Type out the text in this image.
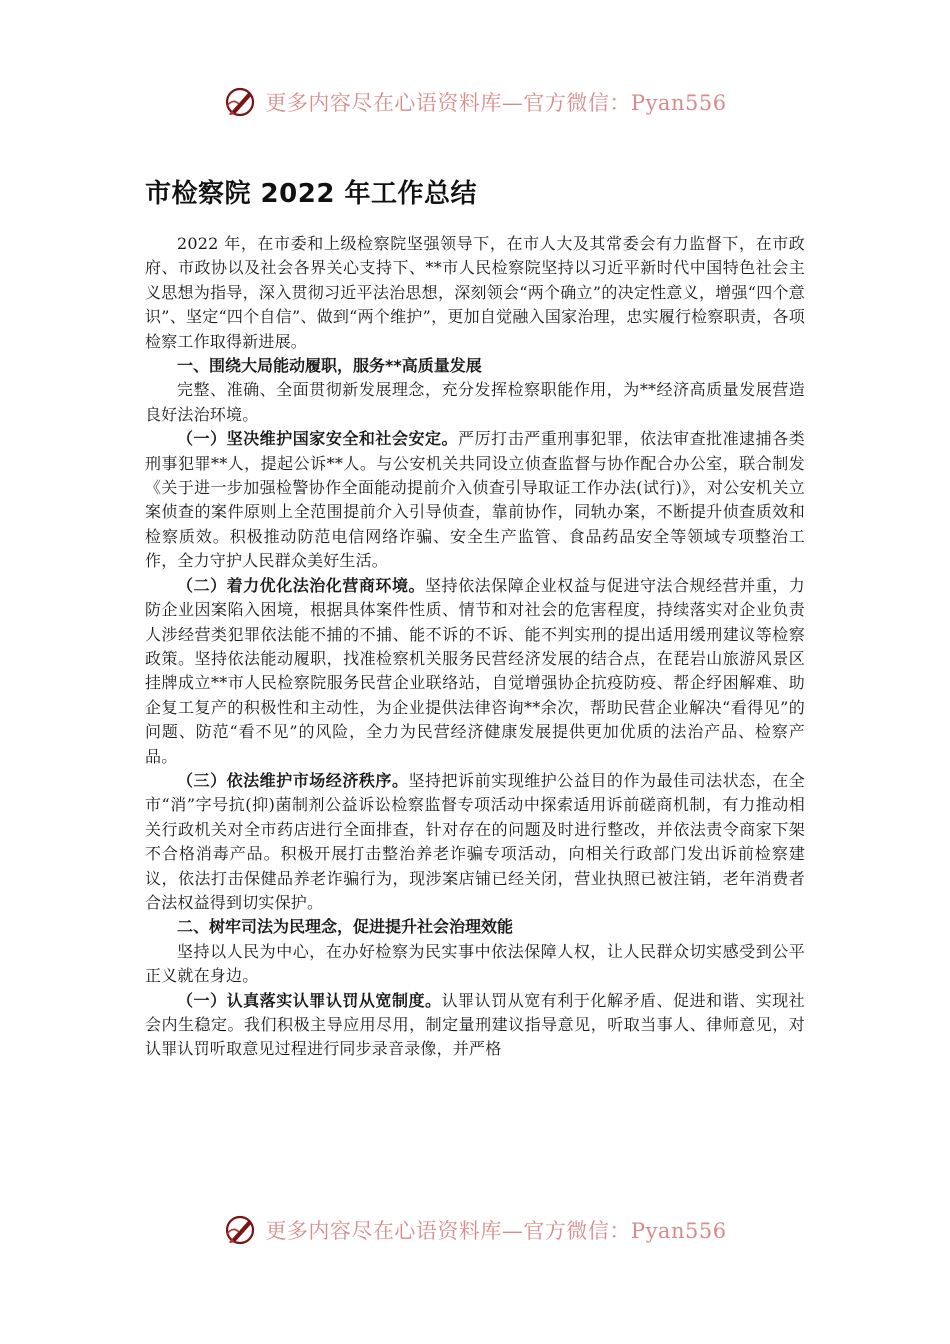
更多内容尽在心语资料库—官方微信：Pyan556
市检察院 2022 年工作总结

2022 年，在市委和上级检察院坚强领导下，在市人大及其常委会有力监督下，在市政府、市政协以及社会各界关心支持下、**市人民检察院坚持以习近平新时代中国特色社会主义思想为指导，深入贯彻习近平法治思想，深刻领会“两个确立”的决定性意义，增强“四个意识”、坚定“四个自信”、做到“两个维护”，更加自觉融入国家治理，忠实履行检察职责，各项检察工作取得新进展。

一、围绕大局能动履职，服务**高质量发展

完整、准确、全面贯彻新发展理念，充分发挥检察职能作用，为**经济高质量发展营造良好法治环境。

（一）坚决维护国家安全和社会安定。严厉打击严重刑事犯罪，依法审查批准逮捕各类刑事犯罪**人，提起公诉**人。与公安机关共同设立侦查监督与协作配合办公室，联合制发《关于进一步加强检警协作全面能动提前介入侦查引导取证工作办法(试行)》，对公安机关立案侦查的案件原则上全范围提前介入引导侦查，靠前协作，同轨办案，不断提升侦查质效和检察质效。积极推动防范电信网络诈骗、安全生产监管、食品药品安全等领域专项整治工作，全力守护人民群众美好生活。

（二）着力优化法治化营商环境。坚持依法保障企业权益与促进守法合规经营并重，力防企业因案陷入困境，根据具体案件性质、情节和对社会的危害程度，持续落实对企业负责人涉经营类犯罪依法能不捕的不捕、能不诉的不诉、能不判实刑的提出适用缓刑建议等检察政策。坚持依法能动履职，找准检察机关服务民营经济发展的结合点，在琵岩山旅游风景区挂牌成立**市人民检察院服务民营企业联络站，自觉增强协企抗疫防疫、帮企纾困解难、助企复工复产的积极性和主动性，为企业提供法律咨询**余次，帮助民营企业解决“看得见”的问题、防范“看不见”的风险，全力为民营经济健康发展提供更加优质的法治产品、检察产品。

（三）依法维护市场经济秩序。坚持把诉前实现维护公益目的作为最佳司法状态，在全市“消”字号抗(抑)菌制剂公益诉讼检察监督专项活动中探索适用诉前磋商机制，有力推动相关行政机关对全市药店进行全面排查，针对存在的问题及时进行整改，并依法责令商家下架不合格消毒产品。积极开展打击整治养老诈骗专项活动，向相关行政部门发出诉前检察建议，依法打击保健品养老诈骗行为，现涉案店铺已经关闭，营业执照已被注销，老年消费者合法权益得到切实保护。

二、树牢司法为民理念，促进提升社会治理效能

坚持以人民为中心，在办好检察为民实事中依法保障人权，让人民群众切实感受到公平正义就在身边。

（一）认真落实认罪认罚从宽制度。认罪认罚从宽有利于化解矛盾、促进和谐、实现社会内生稳定。我们积极主导应用尽用，制定量刑建议指导意见，听取当事人、律师意见，对认罪认罚听取意见过程进行同步录音录像，并严格

更多内容尽在心语资料库—官方微信：Pyan556
